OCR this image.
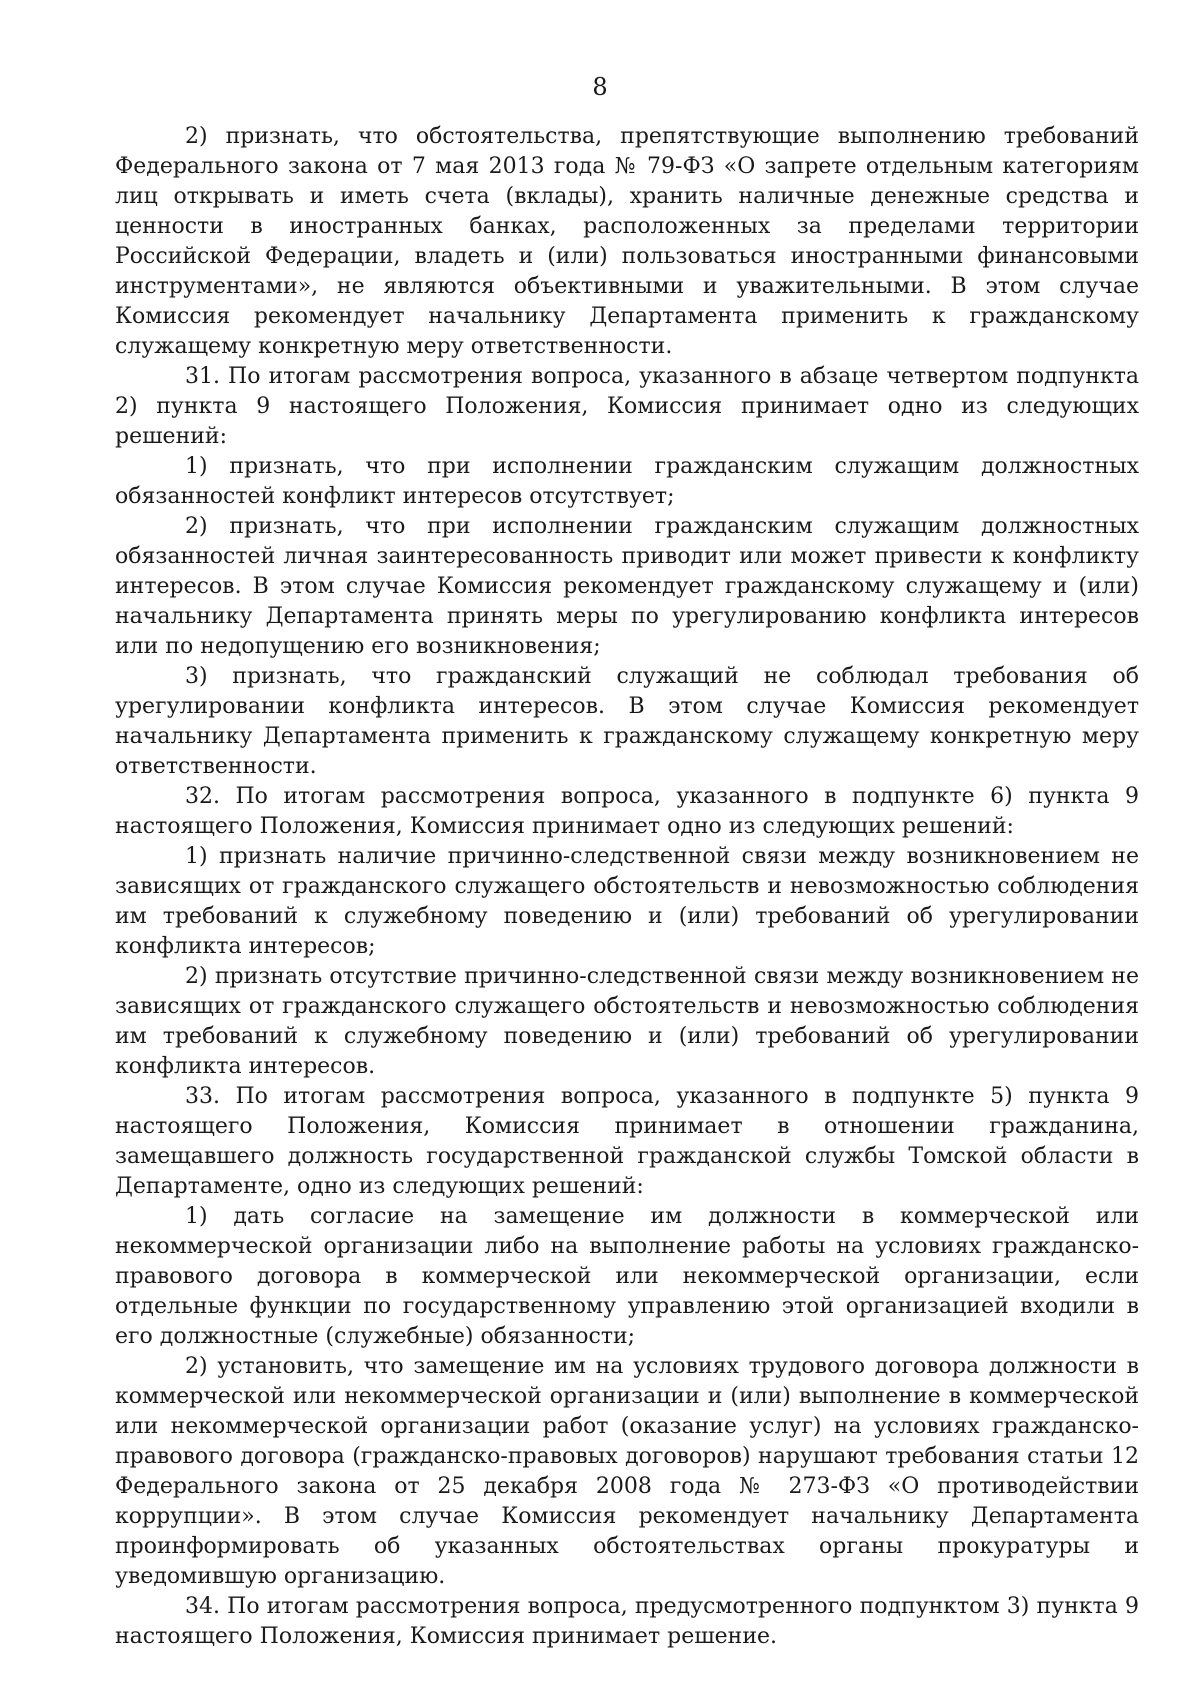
8

2) признать, что обстоятельства, препятствующие выполнению требований Федерального закона от 7 мая 2013 года № 79-ФЗ «О запрете отдельным категориям лиц открывать и иметь счета (вклады), хранить наличные денежные средства и ценности в иностранных банках, расположенных за пределами территории Российской Федерации, владеть и (или) пользоваться иностранными финансовыми инструментами», не являются объективными и уважительными. В этом случае Комиссия рекомендует начальнику Департамента применить к гражданскому служащему конкретную меру ответственности.

31. По итогам рассмотрения вопроса, указанного в абзаце четвертом подпункта 2) пункта 9 настоящего Положения, Комиссия принимает одно из следующих решений:

1) признать, что при исполнении гражданским служащим должностных обязанностей конфликт интересов отсутствует;

2) признать, что при исполнении гражданским служащим должностных обязанностей личная заинтересованность приводит или может привести к конфликту интересов. В этом случае Комиссия рекомендует гражданскому служащему и (или) начальнику Департамента принять меры по урегулированию конфликта интересов или по недопущению его возникновения;

3) признать, что гражданский служащий не соблюдал требования об урегулировании конфликта интересов. В этом случае Комиссия рекомендует начальнику Департамента применить к гражданскому служащему конкретную меру ответственности.

32. По итогам рассмотрения вопроса, указанного в подпункте 6) пункта 9 настоящего Положения, Комиссия принимает одно из следующих решений:

1) признать наличие причинно-следственной связи между возникновением не зависящих от гражданского служащего обстоятельств и невозможностью соблюдения им требований к служебному поведению и (или) требований об урегулировании конфликта интересов;

2) признать отсутствие причинно-следственной связи между возникновением не зависящих от гражданского служащего обстоятельств и невозможностью соблюдения им требований к служебному поведению и (или) требований об урегулировании конфликта интересов.

33. По итогам рассмотрения вопроса, указанного в подпункте 5) пункта 9 настоящего Положения, Комиссия принимает в отношении гражданина, замещавшего должность государственной гражданской службы Томской области в Департаменте, одно из следующих решений:

1) дать согласие на замещение им должности в коммерческой или некоммерческой организации либо на выполнение работы на условиях гражданско-правового договора в коммерческой или некоммерческой организации, если отдельные функции по государственному управлению этой организацией входили в его должностные (служебные) обязанности;

2) установить, что замещение им на условиях трудового договора должности в коммерческой или некоммерческой организации и (или) выполнение в коммерческой или некоммерческой организации работ (оказание услуг) на условиях гражданско-правового договора (гражданско-правовых договоров) нарушают требования статьи 12 Федерального закона от 25 декабря 2008 года № 273-ФЗ «О противодействии коррупции». В этом случае Комиссия рекомендует начальнику Департамента проинформировать об указанных обстоятельствах органы прокуратуры и уведомившую организацию.

34. По итогам рассмотрения вопроса, предусмотренного подпунктом 3) пункта 9 настоящего Положения, Комиссия принимает решение.
